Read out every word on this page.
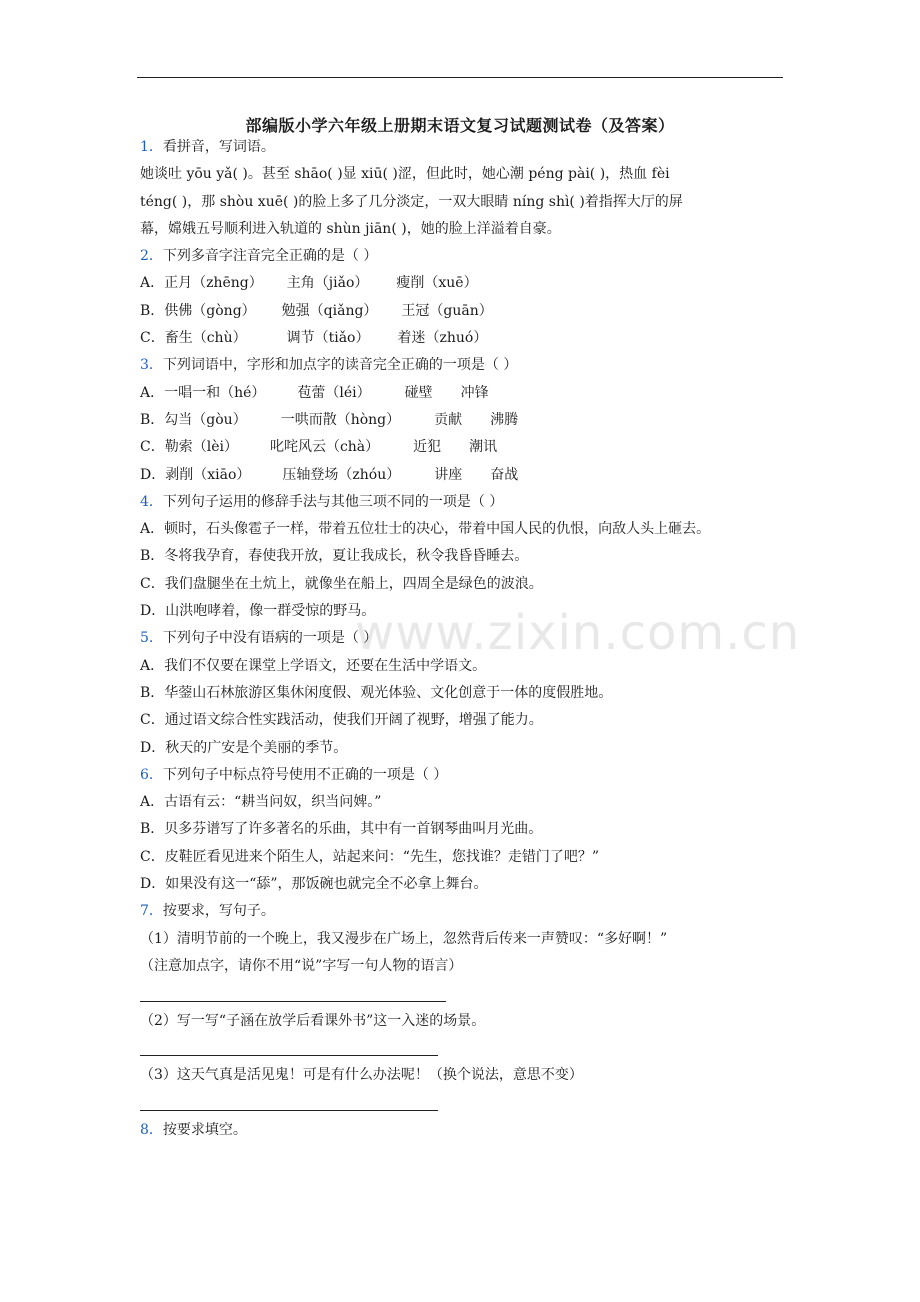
部编版小学六年级上册期末语文复习试题测试卷（及答案）
www.zixin.com.cn
1．看拼音，写词语。
她谈吐 yōu yǎ( )。甚至 shāo( )显 xiū( )涩，但此时，她心潮 péng pài( )，热血 fèi
téng( )，那 shòu xuē( )的脸上多了几分淡定，一双大眼睛 níng shì( )着指挥大厅的屏
幕，嫦娥五号顺利进入轨道的 shùn jiān( )，她的脸上洋溢着自豪。
2．下列多音字注音完全正确的是（ ）
A．正月（zhēng） 主角（jiǎo） 瘦削（xuē）
B．供佛（gòng） 勉强（qiǎng） 王冠（guān）
C．畜生（chù）	调节（tiǎo） 着迷（zhuó）
3．下列词语中，字形和加点字的读音完全正确的一项是（ ）
A．一唱一和（hé） 苞蕾（léi） 碰壁 冲锋
B．勾当（gòu） 一哄而散（hòng） 贡献 沸腾
C．勒索（lèi） 叱咤风云（chà） 近犯 潮讯
D．剥削（xiāo） 压轴登场（zhóu） 讲座 奋战
4．下列句子运用的修辞手法与其他三项不同的一项是（ ）
A．顿时，石头像雹子一样，带着五位壮士的决心，带着中国人民的仇恨，向敌人头上砸去。
B．冬将我孕育，春使我开放，夏让我成长，秋令我昏昏睡去。
C．我们盘腿坐在土炕上，就像坐在船上，四周全是绿色的波浪。
D．山洪咆哮着，像一群受惊的野马。
5．下列句子中没有语病的一项是（ ）
A．我们不仅要在课堂上学语文，还要在生活中学语文。
B．华蓥山石林旅游区集休闲度假、观光体验、文化创意于一体的度假胜地。
C．通过语文综合性实践活动，使我们开阔了视野，增强了能力。
D．秋天的广安是个美丽的季节。
6．下列句子中标点符号使用不正确的一项是（ ）
A．古语有云：“耕当问奴，织当问婢。”
B．贝多芬谱写了许多著名的乐曲，其中有一首钢琴曲叫月光曲。
C．皮鞋匠看见进来个陌生人，站起来问：“先生，您找谁？走错门了吧？”
D．如果没有这一“舔”，那饭碗也就完全不必拿上舞台。
7．按要求，写句子。
（1）清明节前的一个晚上，我又漫步在广场上，忽然背后传来一声赞叹：“多好啊！”
（注意加点字，请你不用“说”字写一句人物的语言）
（2）写一写“子涵在放学后看课外书”这一入迷的场景。
（3）这天气真是活见鬼！可是有什么办法呢！（换个说法，意思不变）
8．按要求填空。
